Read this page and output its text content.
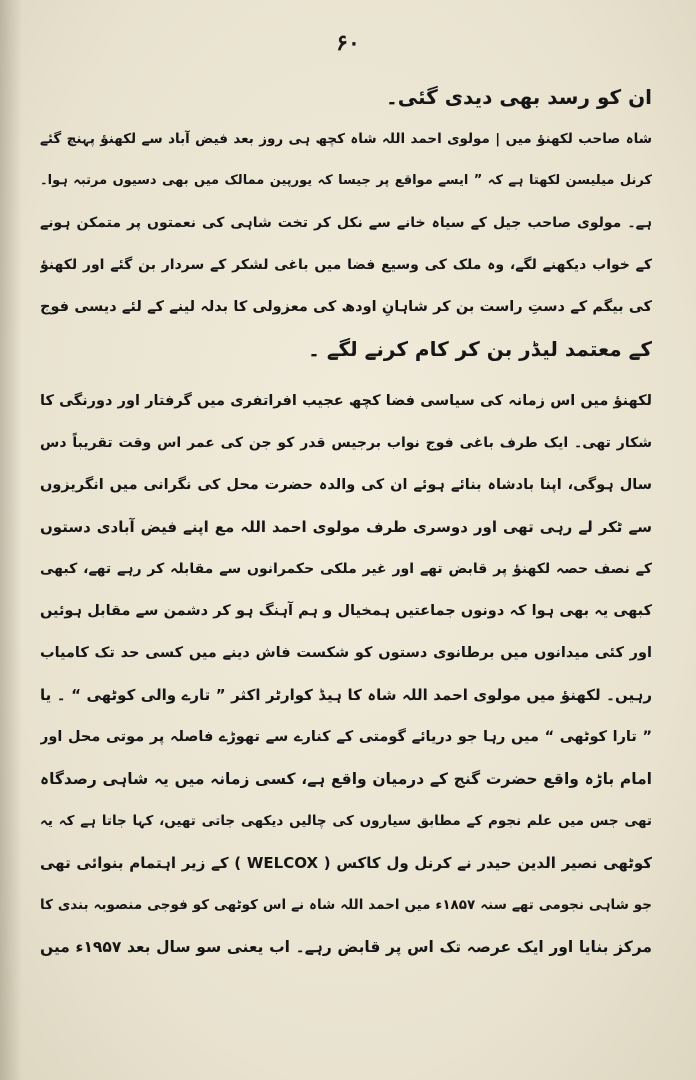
۶۰
ان کو رسد بھی دیدی گئی۔
شاہ صاحب لکھنؤ میں | مولوی احمد اللہ شاہ کچھ ہی روز بعد فیض آباد سے لکھنؤ پہنچ گئے
کرنل میلیسن لکھتا ہے کہ ” ایسے مواقع پر جیسا کہ یورپین ممالک میں بھی دسیوں مرتبہ ہوا۔
ہے۔ مولوی صاحب جیل کے سیاہ خانے سے نکل کر تخت شاہی کی نعمتوں پر متمکن ہونے
کے خواب دیکھنے لگے، وہ ملک کی وسیع فضا میں باغی لشکر کے سردار بن گئے اور لکھنؤ
کی بیگم کے دستِ راست بن کر شاہانِ اودھ کی معزولی کا بدلہ لینے کے لئے دیسی فوج
کے معتمد لیڈر بن کر کام کرنے لگے ۔
لکھنؤ میں اس زمانہ کی سیاسی فضا کچھ عجیب افراتفری میں گرفتار اور دورنگی کا
شکار تھی۔ ایک طرف باغی فوج نواب برجیس قدر کو جن کی عمر اس وقت تقریباً دس
سال ہوگی، اپنا بادشاہ بنائے ہوئے ان کی والدہ حضرت محل کی نگرانی میں انگریزوں
سے ٹکر لے رہی تھی اور دوسری طرف مولوی احمد اللہ مع اپنے فیض آبادی دستوں
کے نصف حصہ لکھنؤ پر قابض تھے اور غیر ملکی حکمرانوں سے مقابلہ کر رہے تھے، کبھی
کبھی یہ بھی ہوا کہ دونوں جماعتیں ہمخیال و ہم آہنگ ہو کر دشمن سے مقابل ہوئیں
اور کئی میدانوں میں برطانوی دستوں کو شکست فاش دینے میں کسی حد تک کامیاب
رہیں۔ لکھنؤ میں مولوی احمد اللہ شاہ کا ہیڈ کوارٹر اکثر ” تارے والی کوٹھی “ ۔ یا
” تارا کوٹھی “ میں رہا جو دریائے گومتی کے کنارے سے تھوڑے فاصلہ پر موتی محل اور
امام باڑہ واقع حضرت گنج کے درمیان واقع ہے، کسی زمانہ میں یہ شاہی رصدگاہ
تھی جس میں علم نجوم کے مطابق سیاروں کی چالیں دیکھی جاتی تھیں، کہا جاتا ہے کہ یہ
کوٹھی نصیر الدین حیدر نے کرنل ول کاکس ( WELCOX ) کے زیر اہتمام بنوائی تھی
جو شاہی نجومی تھے سنہ ۱۸۵۷ء میں احمد اللہ شاہ نے اس کوٹھی کو فوجی منصوبہ بندی کا
مرکز بنایا اور ایک عرصہ تک اس پر قابض رہے۔ اب یعنی سو سال بعد ۱۹۵۷ء میں
